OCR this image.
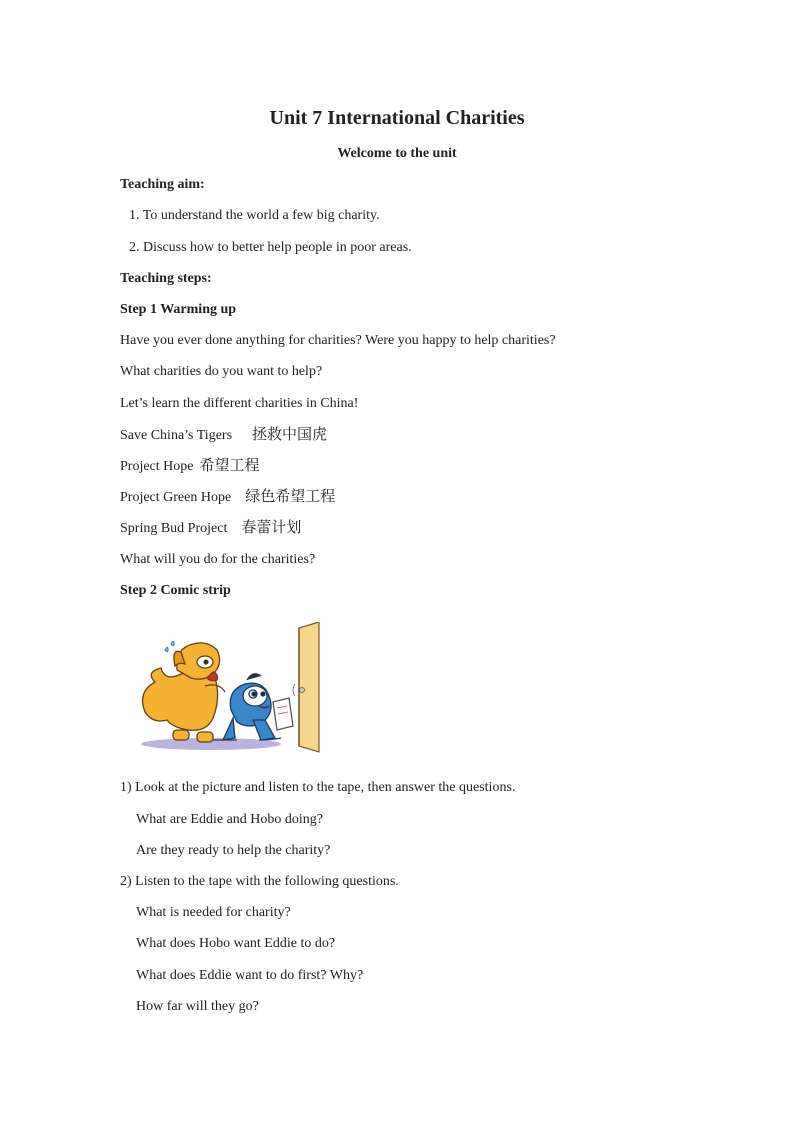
Unit 7 International Charities
Welcome to the unit
Teaching aim:
1. To understand the world a few big charity.
2. Discuss how to better help people in poor areas.
Teaching steps:
Step 1 Warming up
Have you ever done anything for charities? Were you happy to help charities?
What charities do you want to help?
Let’s learn the different charities in China!
Save China’s Tigers 拯救中国虎
Project Hope 希望工程
Project Green Hope 绿色希望工程
Spring Bud Project 春蕾计划
What will you do for the charities?
Step 2 Comic strip
1) Look at the picture and listen to the tape, then answer the questions.
What are Eddie and Hobo doing?
Are they ready to help the charity?
2) Listen to the tape with the following questions.
What is needed for charity?
What does Hobo want Eddie to do?
What does Eddie want to do first? Why?
How far will they go?
